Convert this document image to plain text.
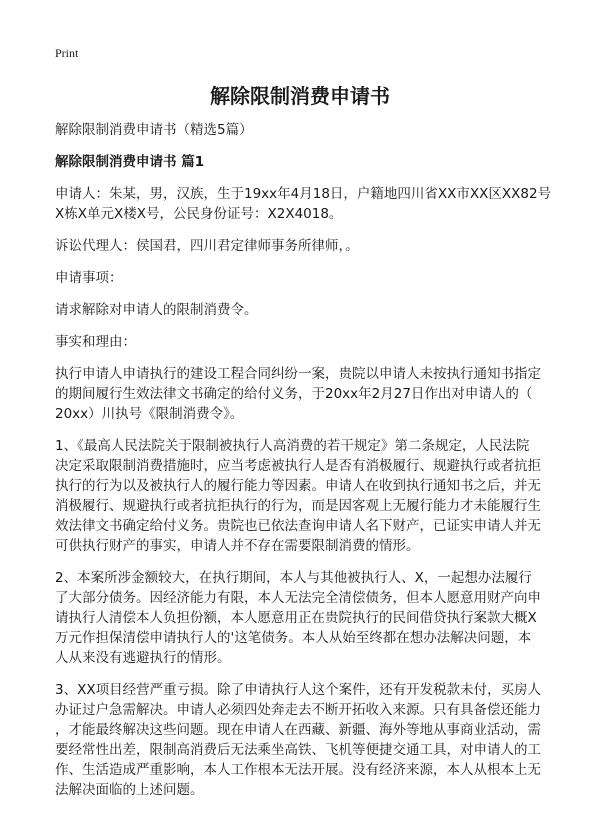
Print
解除限制消费申请书

解除限制消费申请书（精选5篇）

解除限制消费申请书 篇1

申请人：朱某，男，汉族，生于19xx年4月18日，户籍地四川省XX市XX区XX82号
X栋X单元X楼X号，公民身份证号：X2X4018。

诉讼代理人：侯国君，四川君定律师事务所律师，。

申请事项：

请求解除对申请人的限制消费令。

事实和理由：

执行申请人申请执行的建设工程合同纠纷一案，贵院以申请人未按执行通知书指定
的期间履行生效法律文书确定的给付义务，于20xx年2月27日作出对申请人的（
20xx）川执号《限制消费令》。

1、《最高人民法院关于限制被执行人高消费的若干规定》第二条规定，人民法院
决定采取限制消费措施时，应当考虑被执行人是否有消极履行、规避执行或者抗拒
执行的行为以及被执行人的履行能力等因素。申请人在收到执行通知书之后，并无
消极履行、规避执行或者抗拒执行的行为，而是因客观上无履行能力才未能履行生
效法律文书确定给付义务。贵院也已依法查询申请人名下财产，已证实申请人并无
可供执行财产的事实，申请人并不存在需要限制消费的情形。

2、本案所涉金额较大，在执行期间，本人与其他被执行人、X，一起想办法履行
了大部分债务。因经济能力有限，本人无法完全清偿债务，但本人愿意用财产向申
请执行人清偿本人负担份额，本人愿意用正在贵院执行的民间借贷执行案款大概X
万元作担保清偿申请执行人的'这笔债务。本人从始至终都在想办法解决问题，本
人从来没有逃避执行的情形。

3、XX项目经营严重亏损。除了申请执行人这个案件，还有开发税款未付，买房人
办证过户急需解决。申请人必须四处奔走去不断开拓收入来源。只有具备偿还能力
，才能最终解决这些问题。现在申请人在西藏、新疆、海外等地从事商业活动，需
要经常性出差，限制高消费后无法乘坐高铁、飞机等便捷交通工具，对申请人的工
作、生活造成严重影响，本人工作根本无法开展。没有经济来源，本人从根本上无
法解决面临的上述问题。
